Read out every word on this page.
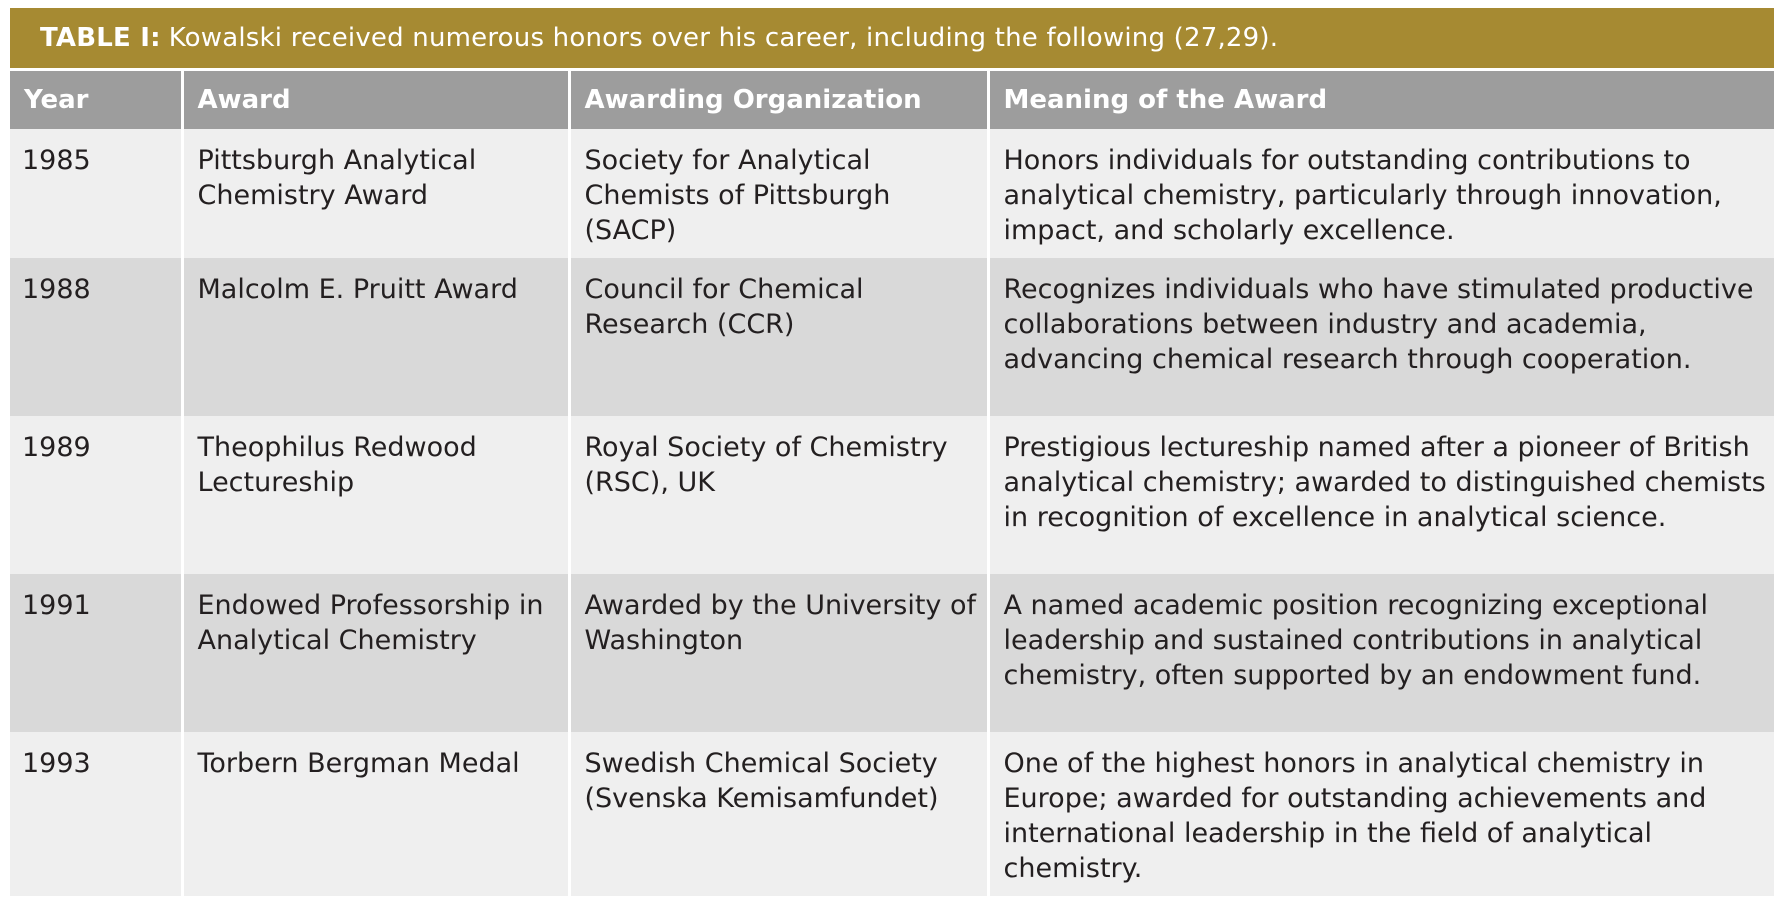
TABLE I: Kowalski received numerous honors over his career, including the following (27,29).
Year	Award	Awarding Organization	Meaning of the Award
1985	Pittsburgh Analytical Chemistry Award	Society for Analytical Chemists of Pittsburgh (SACP)	Honors individuals for outstanding contributions to analytical chemistry, particularly through innovation, impact, and scholarly excellence.
1988	Malcolm E. Pruitt Award	Council for Chemical Research (CCR)	Recognizes individuals who have stimulated productive collaborations between industry and academia, advancing chemical research through cooperation.
1989	Theophilus Redwood Lectureship	Royal Society of Chemistry (RSC), UK	Prestigious lectureship named after a pioneer of British analytical chemistry; awarded to distinguished chemists in recognition of excellence in analytical science.
1991	Endowed Professorship in Analytical Chemistry	Awarded by the University of Washington	A named academic position recognizing exceptional leadership and sustained contributions in analytical chemistry, often supported by an endowment fund.
1993	Torbern Bergman Medal	Swedish Chemical Society (Svenska Kemisamfundet)	One of the highest honors in analytical chemistry in Europe; awarded for outstanding achievements and international leadership in the field of analytical chemistry.
